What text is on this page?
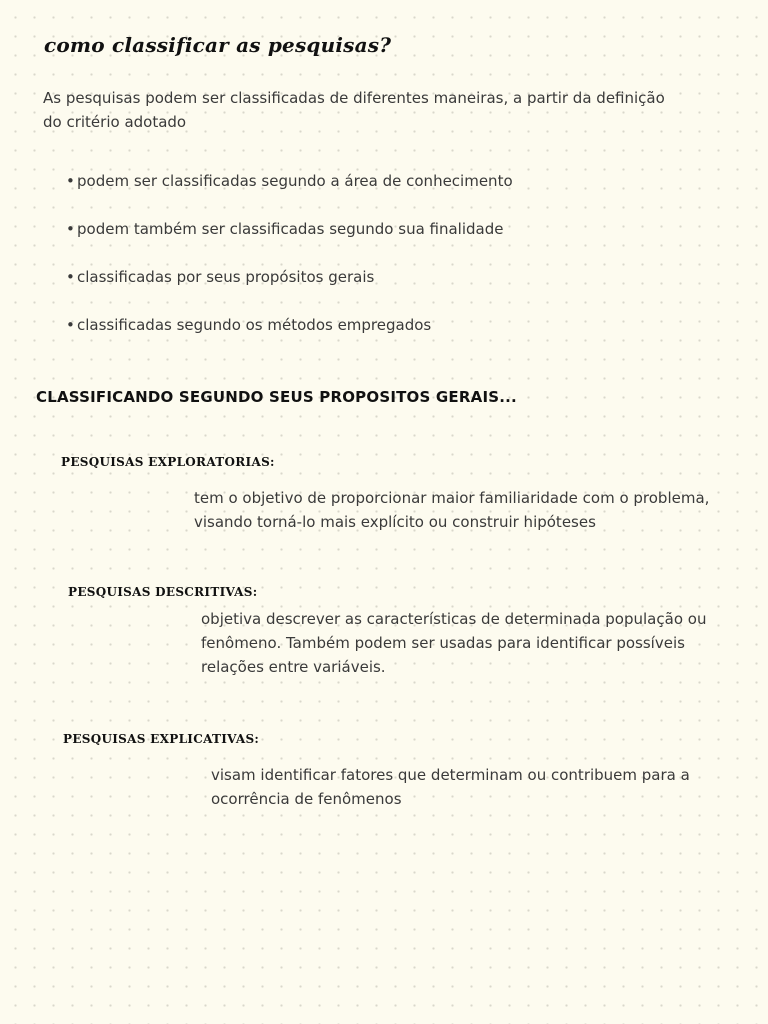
como classificar as pesquisas?
As pesquisas podem ser classificadas de diferentes maneiras, a partir da definição do critério adotado
• podem ser classificadas segundo a área de conhecimento
• podem também ser classificadas segundo sua finalidade
• classificadas por seus propósitos gerais
• classificadas segundo os métodos empregados
CLASSIFICANDO SEGUNDO SEUS PROPOSITOS GERAIS...
PESQUISAS EXPLORATORIAS:
tem o objetivo de proporcionar maior familiaridade com o problema, visando torná-lo mais explícito ou construir hipóteses
PESQUISAS DESCRITIVAS:
objetiva descrever as características de determinada população ou fenômeno. Também podem ser usadas para identificar possíveis relações entre variáveis.
PESQUISAS EXPLICATIVAS:
visam identificar fatores que determinam ou contribuem para a ocorrência de fenômenos
